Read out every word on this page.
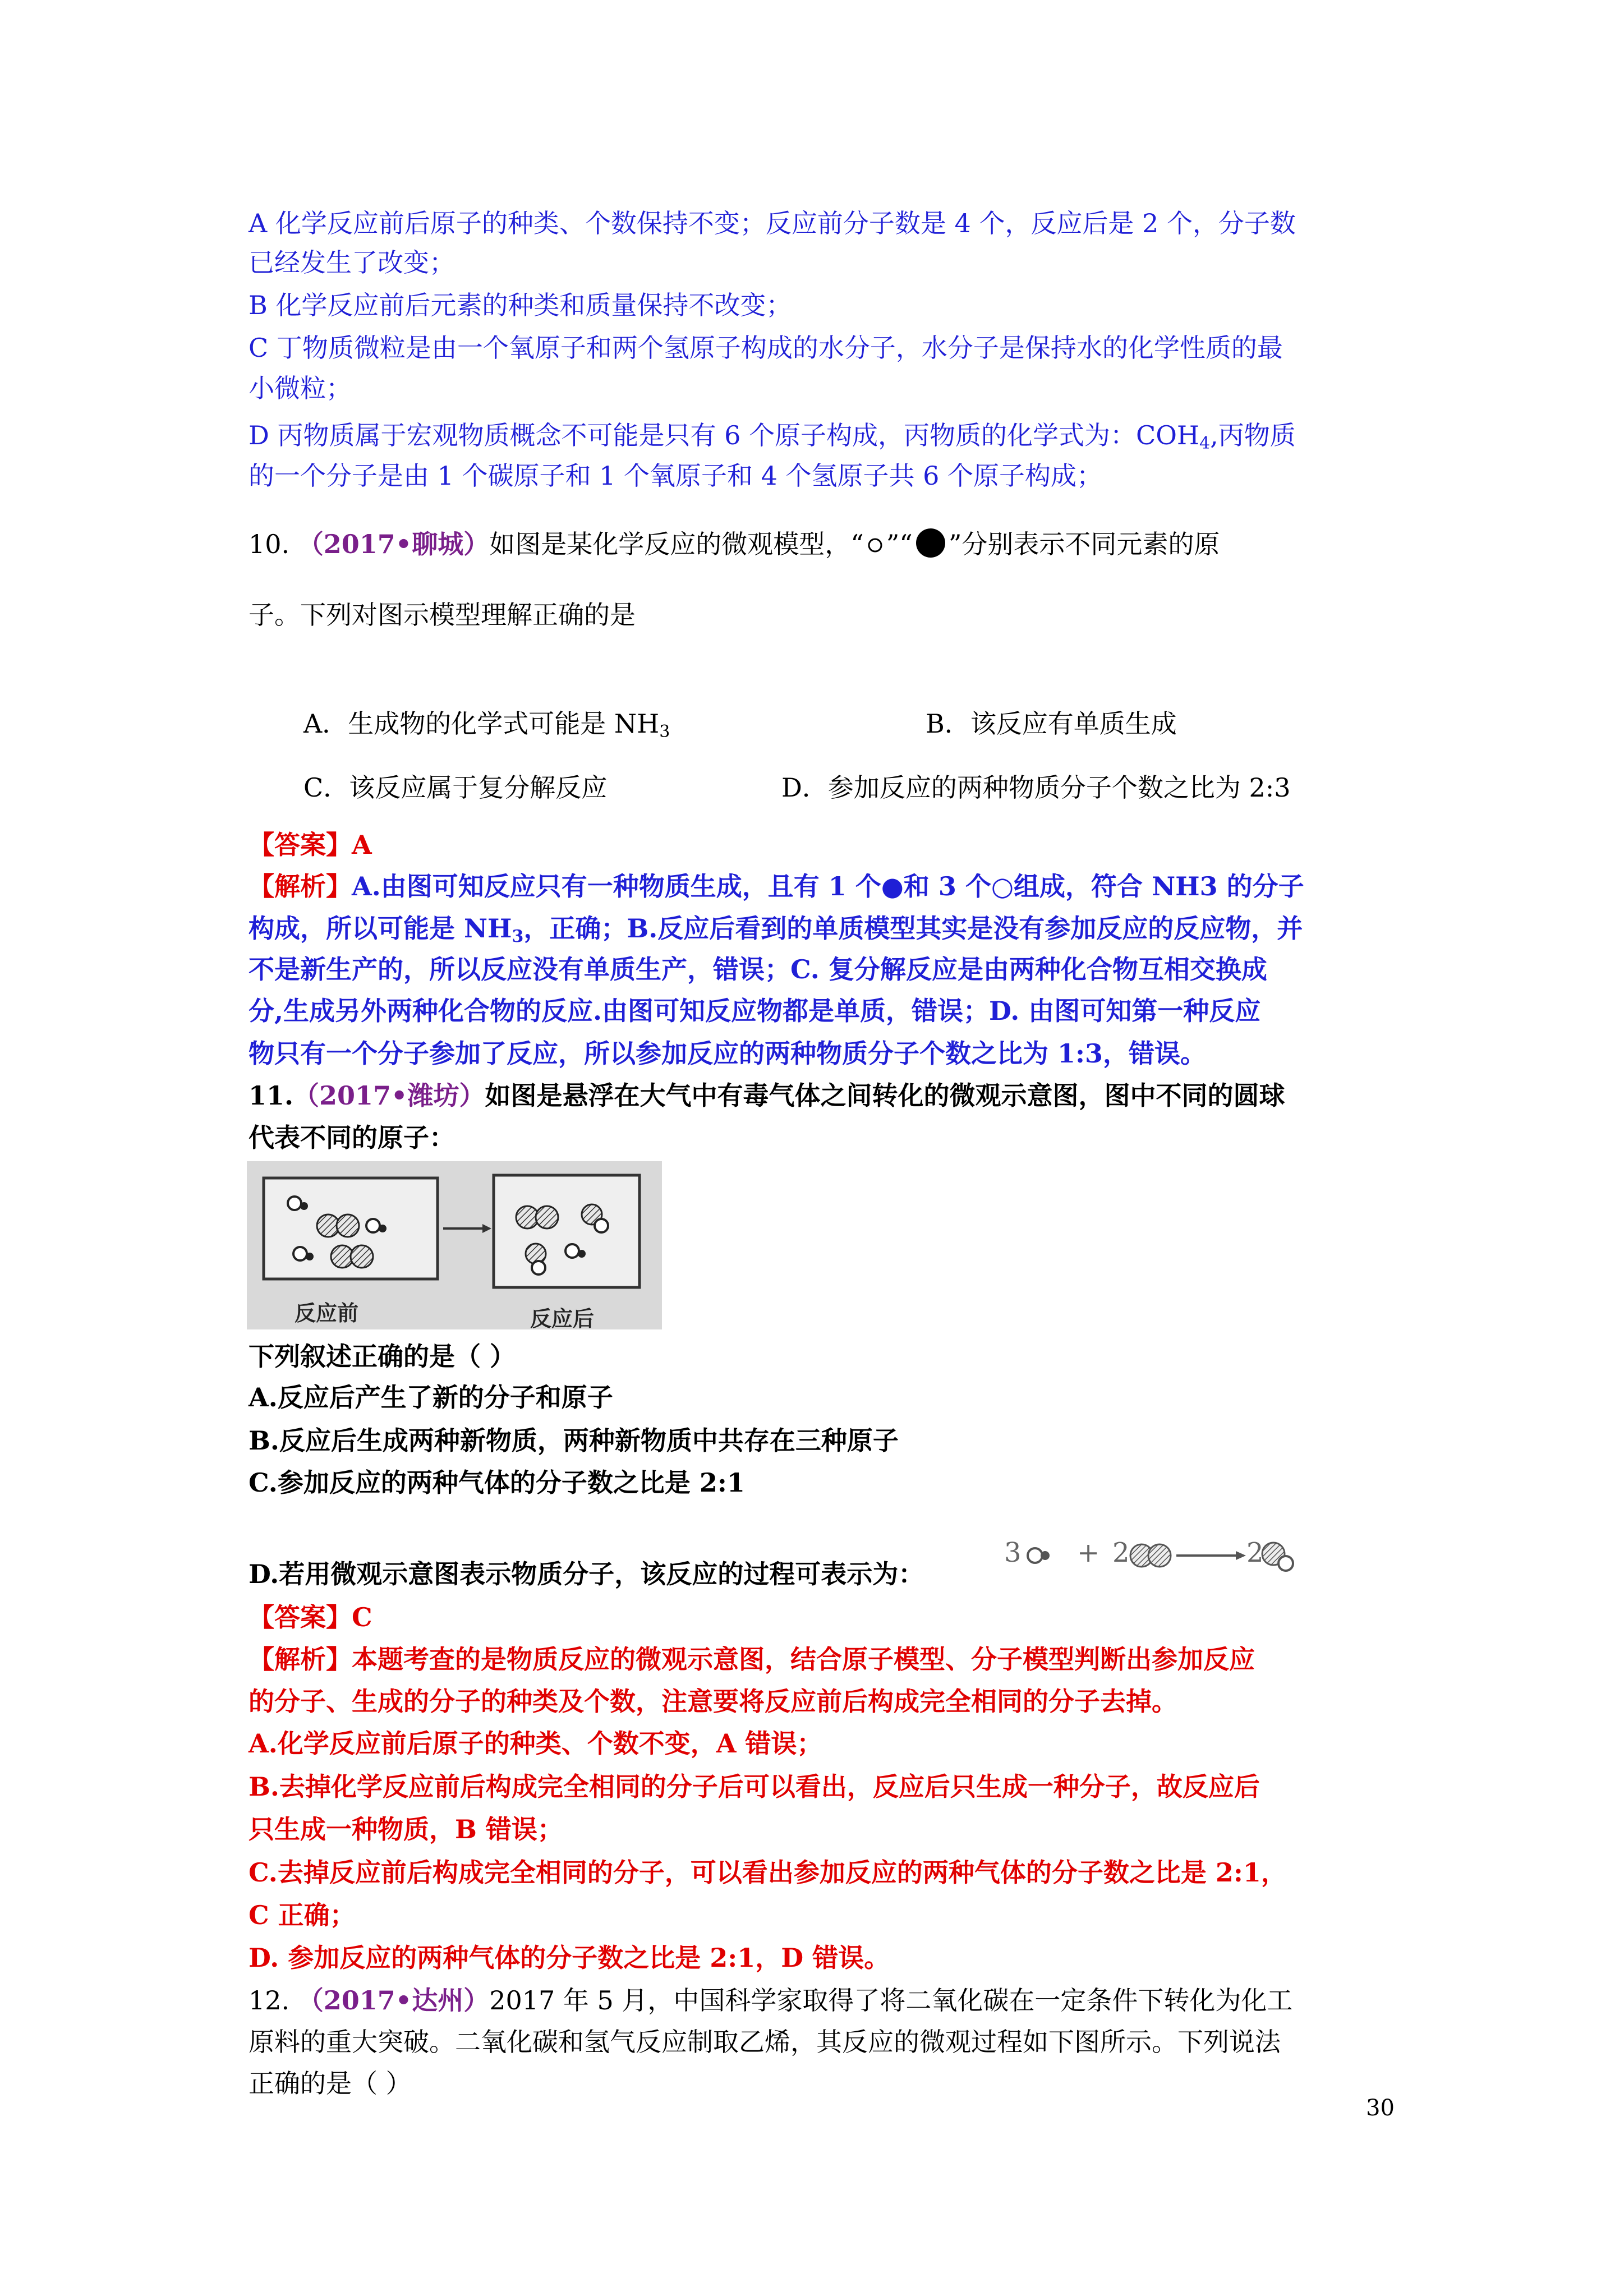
A 化学反应前后原子的种类、个数保持不变；反应前分子数是 4 个，反应后是 2 个，分子数
已经发生了改变；
B 化学反应前后元素的种类和质量保持不改变；
C 丁物质微粒是由一个氧原子和两个氢原子构成的水分子，水分子是保持水的化学性质的最
小微粒；
D 丙物质属于宏观物质概念不可能是只有 6 个原子构成，丙物质的化学式为：$COH_4$,丙物质
的一个分子是由 1 个碳原子和 1 个氧原子和 4 个氢原子共 6 个原子构成；
10. （2017•聊城）如图是某化学反应的微观模型，“ ”“ ”分别表示不同元素的原
子。下列对图示模型理解正确的是
A．生成物的化学式可能是 $NH_3$	B．该反应有单质生成
C．该反应属于复分解反应	D．参加反应的两种物质分子个数之比为 2:3
【答案】A
【解析】A.由图可知反应只有一种物质生成，且有 1 个●和 3 个○组成，符合 NH3 的分子
构成，所以可能是 $NH_3$，正确；B.反应后看到的单质模型其实是没有参加反应的反应物，并
不是新生产的，所以反应没有单质生产，错误；C. 复分解反应是由两种化合物互相交换成
分,生成另外两种化合物的反应.由图可知反应物都是单质，错误；D. 由图可知第一种反应
物只有一个分子参加了反应，所以参加反应的两种物质分子个数之比为 1:3，错误。
11.（2017•潍坊）如图是悬浮在大气中有毒气体之间转化的微观示意图，图中不同的圆球
代表不同的原子：
反应前	反应后
下列叙述正确的是（ ）
A.反应后产生了新的分子和原子
B.反应后生成两种新物质，两种新物质中共存在三种原子
C.参加反应的两种气体的分子数之比是 2:1
D.若用微观示意图表示物质分子，该反应的过程可表示为：
3 + 2	2
【答案】C
【解析】本题考查的是物质反应的微观示意图，结合原子模型、分子模型判断出参加反应
的分子、生成的分子的种类及个数，注意要将反应前后构成完全相同的分子去掉。
A.化学反应前后原子的种类、个数不变，A 错误；
B.去掉化学反应前后构成完全相同的分子后可以看出，反应后只生成一种分子，故反应后
只生成一种物质，B 错误；
C.去掉反应前后构成完全相同的分子，可以看出参加反应的两种气体的分子数之比是 2:1，
C 正确；
D. 参加反应的两种气体的分子数之比是 2:1，D 错误。
12. （2017•达州）2017 年 5 月，中国科学家取得了将二氧化碳在一定条件下转化为化工
原料的重大突破。二氧化碳和氢气反应制取乙烯，其反应的微观过程如下图所示。下列说法
正确的是（ ）
30
